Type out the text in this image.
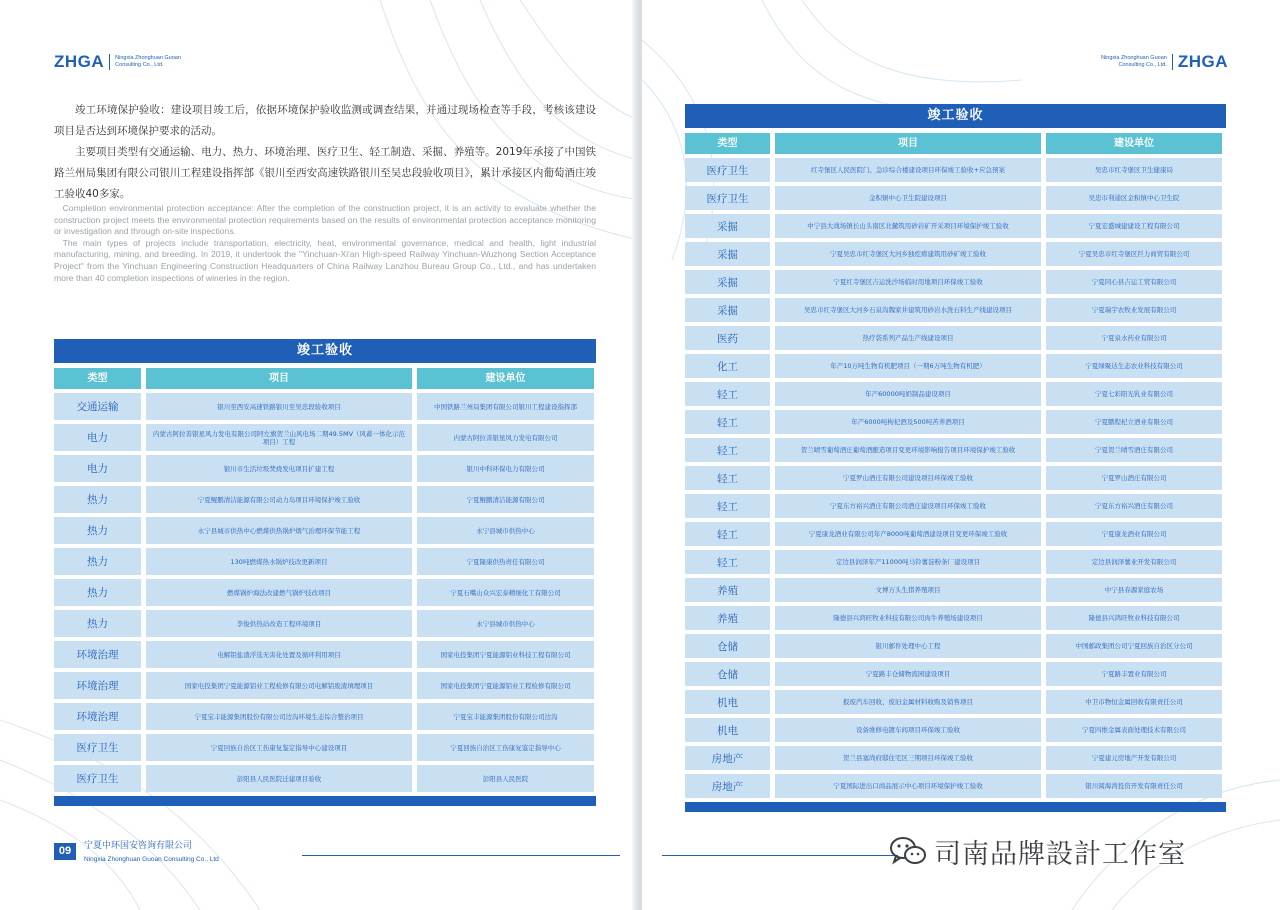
ZHGA Ningxia Zhonghuan Guoan
Consulting Co., Ltd.

竣工环境保护验收：建设项目竣工后，依据环境保护验收监测或调查结果，并通过现场检查等手段，考核该建设项目是否达到环境保护要求的活动。

主要项目类型有交通运输、电力、热力、环境治理、医疗卫生、轻工制造、采掘、养殖等。2019年承接了中国铁路兰州局集团有限公司银川工程建设指挥部《银川至西安高速铁路银川至吴忠段验收项目》，累计承接区内葡萄酒庄竣工验收40多家。

Completion environmental protection acceptance: After the completion of the construction project, it is an activity to evaluate whether the construction project meets the environmental protection requirements based on the results of environmental protection acceptance monitoring or investigation and through on-site inspections.

The main types of projects include transportation, electricity, heat, environmental governance, medical and health, light industrial manufacturing, mining, and breeding. In 2019, it undertook the "Yinchuan-Xi'an High-speed Railway Yinchuan-Wuzhong Section Acceptance Project" from the Yinchuan Engineering Construction Headquarters of China Railway Lanzhou Bureau Group Co., Ltd., and has undertaken more than 40 completion inspections of wineries in the region.

竣工验收
类型	项目	建设单位
交通运输	银川至西安高速铁路银川至吴忠段验收项目	中国铁路兰州局集团有限公司银川工程建设指挥部
电力	内蒙古阿拉善银星风力发电有限公司阿左旗贺兰山风电场二期49.5MV（风蓄一体化示范项目）工程	内蒙古阿拉善银星风力发电有限公司
电力	银川市生活垃圾焚烧发电项目扩建工程	银川中科环保电力有限公司
热力	宁夏鲲鹏清洁能源有限公司动力岛项目环境保护竣工验收	宁夏鲲鹏清洁能源有限公司
热力	永宁县城市供热中心燃煤供热锅炉烟气治理环保节能工程	永宁县城市供热中心
热力	130吨燃煤热水锅炉技改更新项目	宁夏隆康供热责任有限公司
热力	燃煤锅炉海法改建燃气锅炉技改项目	宁夏石嘴山众兴宏泰精细化工有限公司
热力	李俊供热站改造工程环境项目	永宁县城市供热中心
环境治理	电解铝盐渣浮选无害化处置及循环利用项目	国家电投集团宁夏能源铝业科技工程有限公司
环境治理	国家电投集团宁夏能源铝业工程检修有限公司电解铝废渣填埋项目	国家电投集团宁夏能源铝业工程检修有限公司
环境治理	宁夏宝丰能源集团股份有限公司边沟环境生态综合整治项目	宁夏宝丰能源集团股份有限公司边沟
医疗卫生	宁夏回族自治区工伤康复鉴定指导中心建设项目	宁夏回族自治区工伤康复鉴定指导中心
医疗卫生	彭阳县人民医院迁建项目验收	彭阳县人民医院
09	宁夏中环国安咨询有限公司
Ningxia Zhonghuan Guoan Consulting Co., Ltd
Ningxia Zhonghuan Guoan
Consulting Co., Ltd. ZHGA
竣工验收
类型	项目	建设单位
医疗卫生	红寺堡区人民医院门、急诊综合楼建设项目环保竣工验收+应急预案	吴忠市红寺堡区卫生健康局
医疗卫生	金积镇中心卫生院建设项目	吴忠市利通区金积镇中心卫生院
采掘	中宁县大战场镇长山头南区北麓筑用砂岩矿开采项目环境保护竣工验收	宁夏宏盛城建建设工程有限公司
采掘	宁夏吴忠市红寺堡区大河乡独疙瘩建筑用砂矿竣工验收	宁夏吴忠市红寺堡区巨力商贸有限公司
采掘	宁夏红寺堡区吉运洗沙场临时用地项目环保竣工验收	宁夏同心县吉运工贸有限公司
采掘	吴忠市红寺堡区大河乡石泉沟魏家井建筑用砂岩水洗石料生产线建设项目	宁夏瑞宇农牧业发展有限公司
医药	热疗袋系列产品生产线建设项目	宁夏泉水药业有限公司
化工	年产10万吨生物有机肥项目（一期6万吨生物有机肥）	宁夏绿聚达生态农业科技有限公司
轻工	年产60000吨奶制品建设项目	宁夏七彩阳光乳业有限公司
轻工	年产6000吨枸杞酒及500吨苦荞酒项目	宁夏鹏程杞立酒业有限公司
轻工	贺兰晴雪葡萄酒庄葡萄酒酿造项目变更环境影响报告项目环境保护竣工验收	宁夏贺兰晴雪酒庄有限公司
轻工	宁夏罗山酒庄有限公司建设项目环保竣工验收	宁夏罗山酒庄有限公司
轻工	宁夏东方裕兴酒庄有限公司酒庄建设项目环保竣工验收	宁夏东方裕兴酒庄有限公司
轻工	宁夏康龙酒业有限公司年产8000吨葡萄酒建设项目变更环保竣工验收	宁夏康龙酒业有限公司
轻工	定边县润泽年产11000吨马铃薯淀粉条厂建设项目	定边县润泽薯业开发有限公司
养殖	文博万头生猪养殖项目	中宁县春源家庭农场
养殖	隆德县兴鸿旺牧业科技有限公司肉牛养殖场建设项目	隆德县兴鸿旺牧业科技有限公司
仓储	银川邮件处理中心工程	中国邮政集团公司宁夏回族自治区分公司
仓储	宁夏路丰仓储物流园建设项目	宁夏路丰置业有限公司
机电	报废汽车回收、废旧金属材料收购及销售项目	中卫市物恒金属回收有限责任公司
机电	设备维修电镀车间项目环保竣工验收	宁夏四维金属表面处理技术有限公司
房地产	贺兰县塞尚府邸住宅区三期项目环保竣工验收	宁夏建元房地产开发有限公司
房地产	宁夏国际进出口商品展示中心项目环境保护竣工验收	银川阅海湾投资开发有限责任公司
司南品牌設計工作室
